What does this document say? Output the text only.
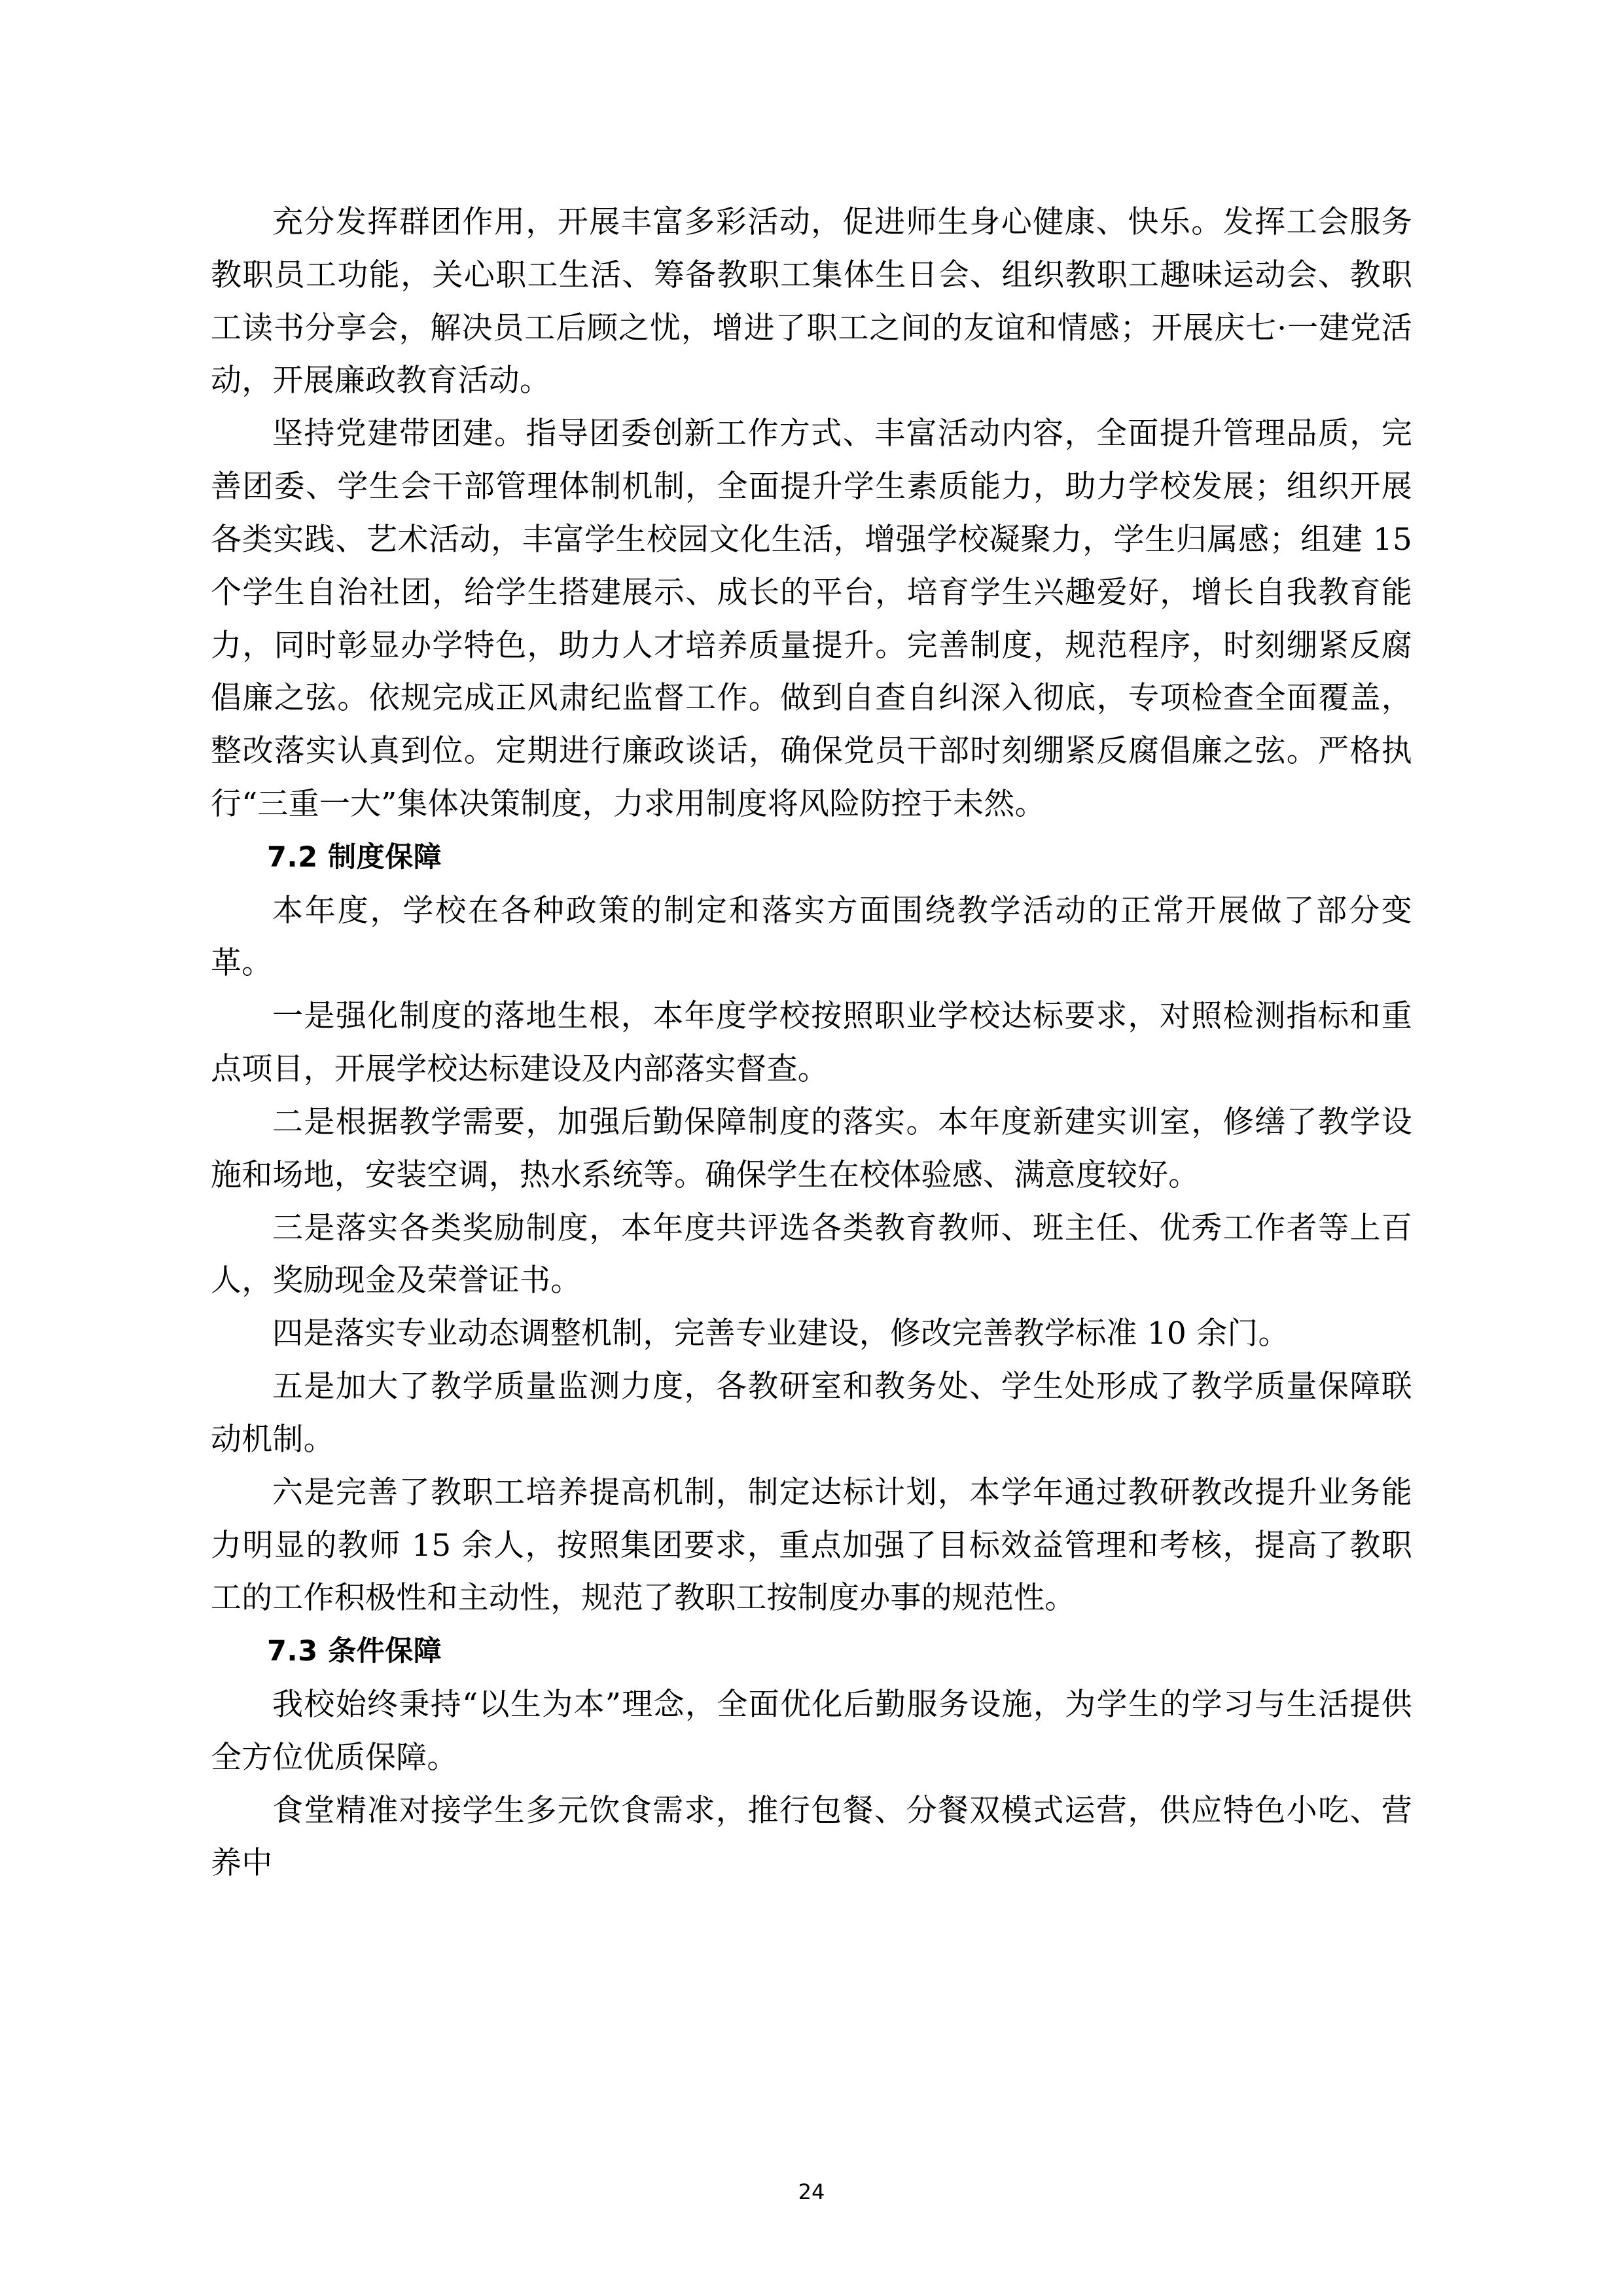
充分发挥群团作用，开展丰富多彩活动，促进师生身心健康、快乐。发挥工会服务教职员工功能，关心职工生活、筹备教职工集体生日会、组织教职工趣味运动会、教职工读书分享会，解决员工后顾之忧，增进了职工之间的友谊和情感；开展庆七·一建党活动，开展廉政教育活动。

坚持党建带团建。指导团委创新工作方式、丰富活动内容，全面提升管理品质，完善团委、学生会干部管理体制机制，全面提升学生素质能力，助力学校发展；组织开展各类实践、艺术活动，丰富学生校园文化生活，增强学校凝聚力，学生归属感；组建 15 个学生自治社团，给学生搭建展示、成长的平台，培育学生兴趣爱好，增长自我教育能力，同时彰显办学特色，助力人才培养质量提升。完善制度，规范程序，时刻绷紧反腐倡廉之弦。依规完成正风肃纪监督工作。做到自查自纠深入彻底，专项检查全面覆盖，整改落实认真到位。定期进行廉政谈话，确保党员干部时刻绷紧反腐倡廉之弦。严格执行“三重一大”集体决策制度，力求用制度将风险防控于未然。

7.2 制度保障

本年度，学校在各种政策的制定和落实方面围绕教学活动的正常开展做了部分变革。

一是强化制度的落地生根，本年度学校按照职业学校达标要求，对照检测指标和重点项目，开展学校达标建设及内部落实督查。

二是根据教学需要，加强后勤保障制度的落实。本年度新建实训室，修缮了教学设施和场地，安装空调，热水系统等。确保学生在校体验感、满意度较好。

三是落实各类奖励制度，本年度共评选各类教育教师、班主任、优秀工作者等上百人，奖励现金及荣誉证书。

四是落实专业动态调整机制，完善专业建设，修改完善教学标准 10 余门。

五是加大了教学质量监测力度，各教研室和教务处、学生处形成了教学质量保障联动机制。

六是完善了教职工培养提高机制，制定达标计划，本学年通过教研教改提升业务能力明显的教师 15 余人，按照集团要求，重点加强了目标效益管理和考核，提高了教职工的工作积极性和主动性，规范了教职工按制度办事的规范性。

7.3 条件保障

我校始终秉持“以生为本”理念，全面优化后勤服务设施，为学生的学习与生活提供全方位优质保障。

食堂精准对接学生多元饮食需求，推行包餐、分餐双模式运营，供应特色小吃、营养中

24
